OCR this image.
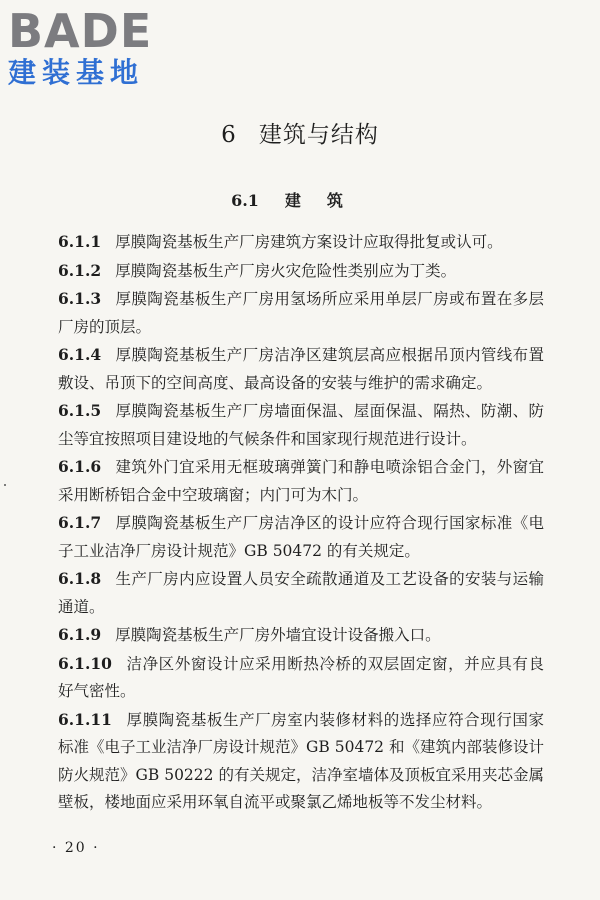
BADE
建装基地
6 建筑与结构
6.1 建筑

6.1.1 厚膜陶瓷基板生产厂房建筑方案设计应取得批复或认可。

6.1.2 厚膜陶瓷基板生产厂房火灾危险性类别应为丁类。

6.1.3 厚膜陶瓷基板生产厂房用氢场所应采用单层厂房或布置在多层厂房的顶层。

6.1.4 厚膜陶瓷基板生产厂房洁净区建筑层高应根据吊顶内管线布置敷设、吊顶下的空间高度、最高设备的安装与维护的需求确定。

6.1.5 厚膜陶瓷基板生产厂房墙面保温、屋面保温、隔热、防潮、防尘等宜按照项目建设地的气候条件和国家现行规范进行设计。

6.1.6 建筑外门宜采用无框玻璃弹簧门和静电喷涂铝合金门，外窗宜采用断桥铝合金中空玻璃窗；内门可为木门。

6.1.7 厚膜陶瓷基板生产厂房洁净区的设计应符合现行国家标准《电子工业洁净厂房设计规范》GB 50472 的有关规定。

6.1.8 生产厂房内应设置人员安全疏散通道及工艺设备的安装与运输通道。

6.1.9 厚膜陶瓷基板生产厂房外墙宜设计设备搬入口。

6.1.10 洁净区外窗设计应采用断热冷桥的双层固定窗，并应具有良好气密性。

6.1.11 厚膜陶瓷基板生产厂房室内装修材料的选择应符合现行国家标准《电子工业洁净厂房设计规范》GB 50472 和《建筑内部装修设计防火规范》GB 50222 的有关规定，洁净室墙体及顶板宜采用夹芯金属壁板，楼地面应采用环氧自流平或聚氯乙烯地板等不发尘材料。

· 20 ·
